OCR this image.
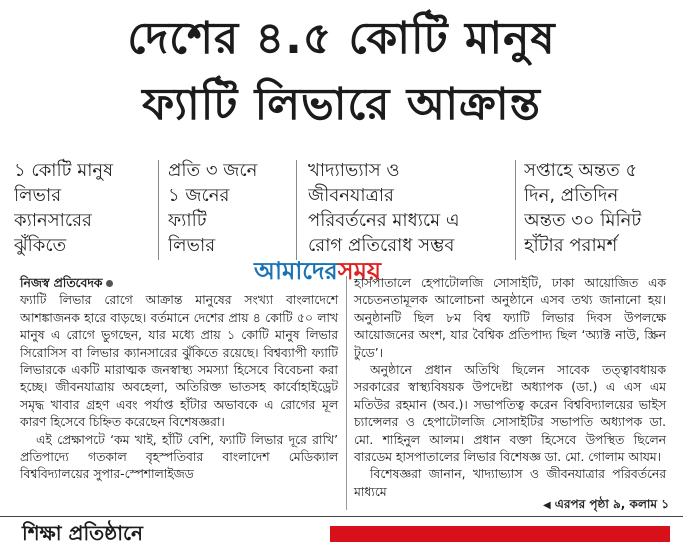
দেশের ৪.৫ কোটি মানুষ
ফ্যাটি লিভারে আক্রান্ত
১ কোটি মানুষ
লিভার
ক্যানসারের
ঝুঁকিতে
প্রতি ৩ জনে
১ জনের
ফ্যাটি
লিভার
খাদ্যাভ্যাস ও
জীবনযাত্রার
পরিবর্তনের মাধ্যমে এ
রোগ প্রতিরোধ সম্ভব
সপ্তাহে অন্তত ৫
দিন, প্রতিদিন
অন্তত ৩০ মিনিট
হাঁটার পরামর্শ
আমাদেরসময়

নিজস্ব প্রতিবেদক

ফ্যাটি লিভার রোগে আক্রান্ত মানুষের সংখ্যা বাংলাদেশে আশঙ্কাজনক হারে বাড়ছে। বর্তমানে দেশের প্রায় ৪ কোটি ৫০ লাখ মানুষ এ রোগে ভুগছেন, যার মধ্যে প্রায় ১ কোটি মানুষ লিভার সিরোসিস বা লিভার ক্যানসারের ঝুঁকিতে রয়েছে। বিশ্বব্যাপী ফ্যাটি লিভারকে একটি মারাত্মক জনস্বাস্থ্য সমস্যা হিসেবে বিবেচনা করা হচ্ছে। জীবনযাত্রায় অবহেলা, অতিরিক্ত ভাতসহ কার্বোহাইড্রেট সমৃদ্ধ খাবার গ্রহণ এবং পর্যাপ্ত হাঁটার অভাবকে এ রোগের মূল কারণ হিসেবে চিহ্নিত করেছেন বিশেষজ্ঞরা।

এই প্রেক্ষাপটে ‘কম খাই, হাঁটি বেশি, ফ্যাটি লিভার দূরে রাখি’ প্রতিপাদ্যে গতকাল বৃহস্পতিবার বাংলাদেশ মেডিক্যাল বিশ্ববিদ্যালয়ের সুপার-স্পেশালাইজড

হাসপাতালে হেপাটোলজি সোসাইটি, ঢাকা আয়োজিত এক সচেতনতামূলক আলোচনা অনুষ্ঠানে এসব তথ্য জানানো হয়। অনুষ্ঠানটি ছিল ৮ম বিশ্ব ফ্যাটি লিভার দিবস উপলক্ষে আয়োজনের অংশ, যার বৈশ্বিক প্রতিপাদ্য ছিল ‘অ্যাক্ট নাউ, স্ক্রিন টুডে’।

অনুষ্ঠানে প্রধান অতিথি ছিলেন সাবেক তত্ত্বাবধায়ক সরকারের স্বাস্থ্যবিষয়ক উপদেষ্টা অধ্যাপক (ডা.) এ এস এম মতিউর রহমান (অব.)। সভাপতিত্ব করেন বিশ্ববিদ্যালয়ের ভাইস চ্যান্সেলর ও হেপাটোলজি সোসাইটির সভাপতি অধ্যাপক ডা. মো. শাহিনুল আলম। প্রধান বক্তা হিসেবে উপস্থিত ছিলেন বারডেম হাসপাতালের লিভার বিশেষজ্ঞ ডা. মো. গোলাম আযম।

বিশেষজ্ঞরা জানান, খাদ্যাভ্যাস ও জীবনযাত্রার পরিবর্তনের মাধ্যমে

◀ এরপর পৃষ্ঠা ৯, কলাম ১
শিক্ষা প্রতিষ্ঠানে
